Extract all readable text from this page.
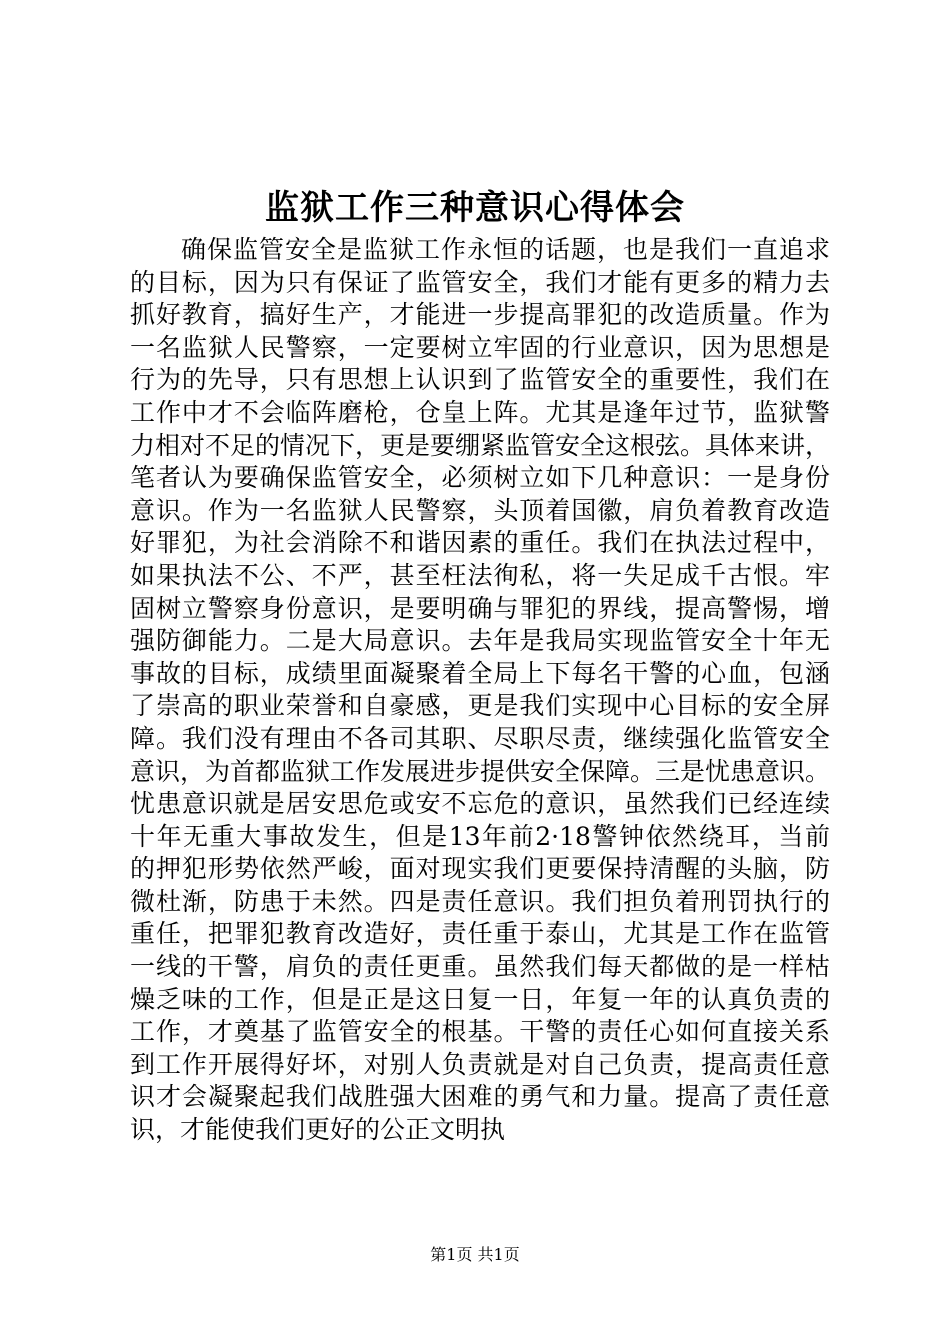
监狱工作三种意识心得体会
确保监管安全是监狱工作永恒的话题，也是我们一直追求
的目标，因为只有保证了监管安全，我们才能有更多的精力去
抓好教育，搞好生产，才能进一步提高罪犯的改造质量。作为
一名监狱人民警察，一定要树立牢固的行业意识，因为思想是
行为的先导，只有思想上认识到了监管安全的重要性，我们在
工作中才不会临阵磨枪，仓皇上阵。尤其是逢年过节，监狱警
力相对不足的情况下，更是要绷紧监管安全这根弦。具体来讲，
笔者认为要确保监管安全，必须树立如下几种意识：一是身份
意识。作为一名监狱人民警察，头顶着国徽，肩负着教育改造
好罪犯，为社会消除不和谐因素的重任。我们在执法过程中，
如果执法不公、不严，甚至枉法徇私，将一失足成千古恨。牢
固树立警察身份意识，是要明确与罪犯的界线，提高警惕，增
强防御能力。二是大局意识。去年是我局实现监管安全十年无
事故的目标，成绩里面凝聚着全局上下每名干警的心血，包涵
了崇高的职业荣誉和自豪感，更是我们实现中心目标的安全屏
障。我们没有理由不各司其职、尽职尽责，继续强化监管安全
意识，为首都监狱工作发展进步提供安全保障。三是忧患意识。
忧患意识就是居安思危或安不忘危的意识，虽然我们已经连续
十年无重大事故发生，但是13年前2·18警钟依然绕耳，当前
的押犯形势依然严峻，面对现实我们更要保持清醒的头脑，防
微杜渐，防患于未然。四是责任意识。我们担负着刑罚执行的
重任，把罪犯教育改造好，责任重于泰山，尤其是工作在监管
一线的干警，肩负的责任更重。虽然我们每天都做的是一样枯
燥乏味的工作，但是正是这日复一日，年复一年的认真负责的
工作，才奠基了监管安全的根基。干警的责任心如何直接关系
到工作开展得好坏，对别人负责就是对自己负责，提高责任意
识才会凝聚起我们战胜强大困难的勇气和力量。提高了责任意
识，才能使我们更好的公正文明执

第1页 共1页
